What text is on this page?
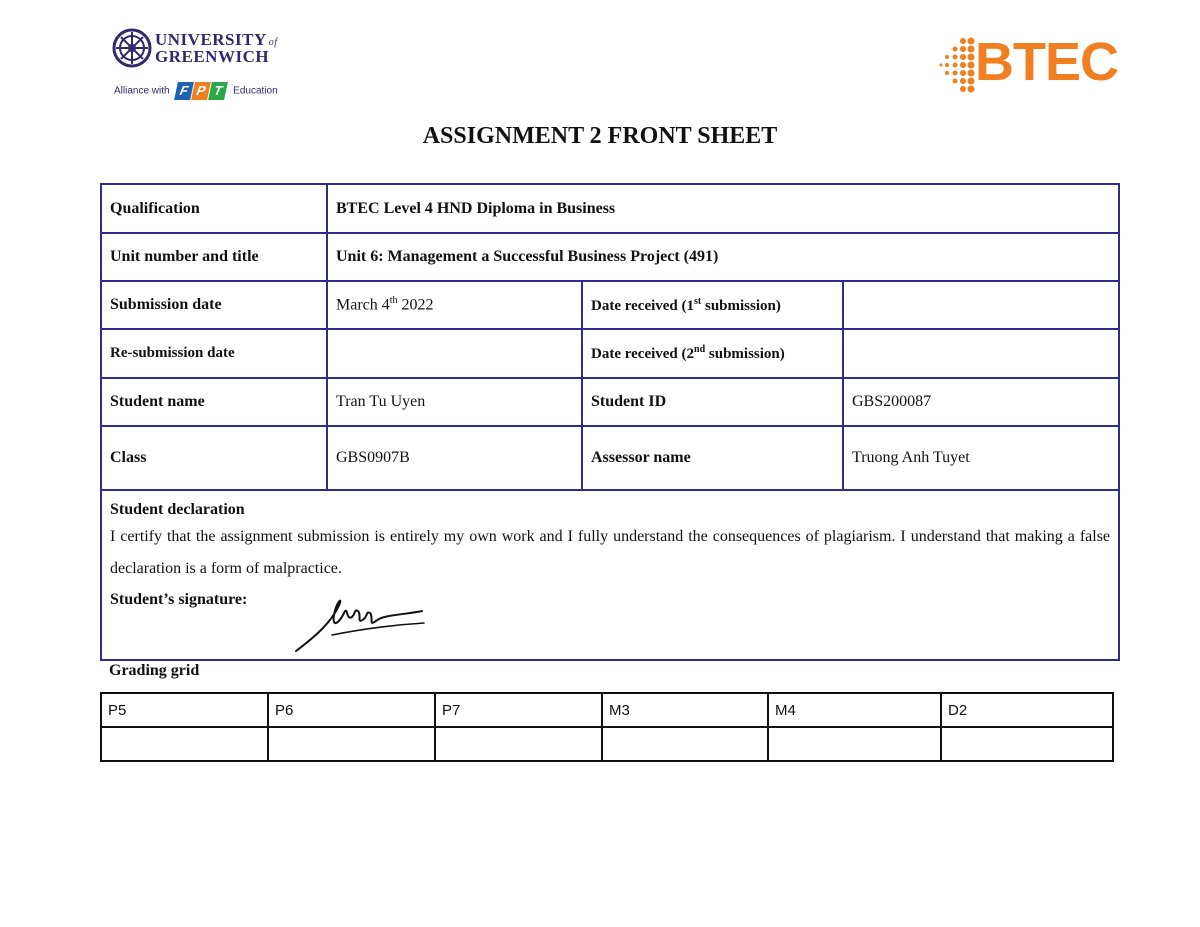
UNIVERSITY of
GREENWICH
Alliance with F P T Education	BTEC
ASSIGNMENT 2 FRONT SHEET
Qualification	BTEC Level 4 HND Diploma in Business		
Unit number and title	Unit 6: Management a Successful Business Project (491)		
Submission date	March 4th 2022	Date received (1st submission)	
Re-submission date		Date received (2nd submission)	
Student name	Tran Tu Uyen	Student ID	GBS200087
Class	GBS0907B	Assessor name	Truong Anh Tuyet

Student declaration
I certify that the assignment submission is entirely my own work and I fully understand the consequences of plagiarism. I understand that making a false declaration is a form of malpractice.
Student’s signature:			
Grading grid
P5	P6	P7	M3	M4	D2
